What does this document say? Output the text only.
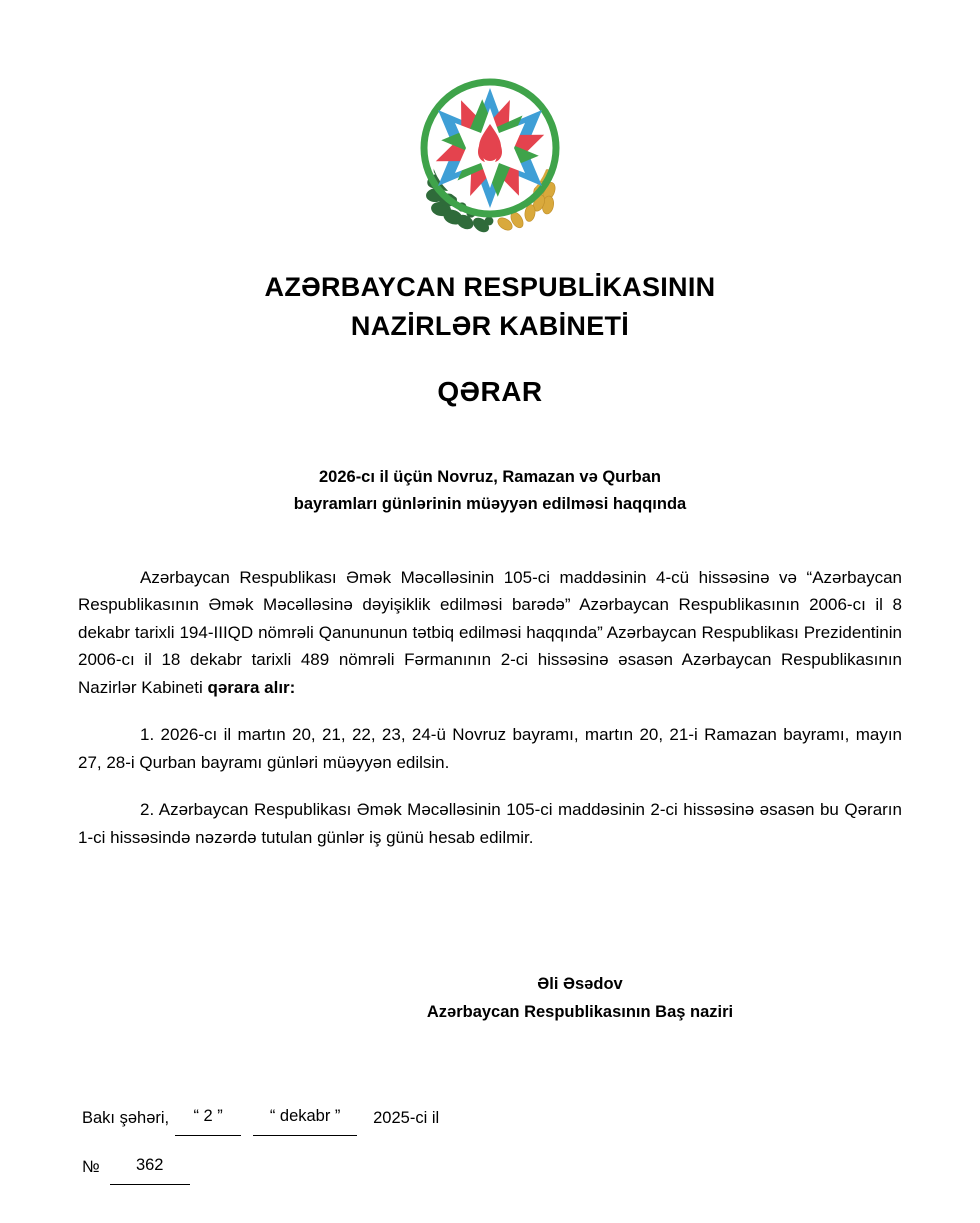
AZƏRBAYCAN RESPUBLİKASININ
NAZİRLƏR KABİNETİ
QƏRAR
2026-cı il üçün Novruz, Ramazan və Qurban
bayramları günlərinin müəyyən edilməsi haqqında

Azərbaycan Respublikası Əmək Məcəlləsinin 105-ci maddəsinin 4-cü hissəsinə və “Azərbaycan Respublikasının Əmək Məcəlləsinə dəyişiklik edilməsi barədə” Azərbaycan Respublikasının 2006-cı il 8 dekabr tarixli 194-IIIQD nömrəli Qanununun tətbiq edilməsi haqqında” Azərbaycan Respublikası Prezidentinin 2006-cı il 18 dekabr tarixli 489 nömrəli Fərmanının 2-ci hissəsinə əsasən Azərbaycan Respublikasının Nazirlər Kabineti qərara alır:

1. 2026-cı il martın 20, 21, 22, 23, 24-ü Novruz bayramı, martın 20, 21-i Ramazan bayramı, mayın 27, 28-i Qurban bayramı günləri müəyyən edilsin.

2. Azərbaycan Respublikası Əmək Məcəlləsinin 105-ci maddəsinin 2-ci hissəsinə əsasən bu Qərarın 1-ci hissəsində nəzərdə tutulan günlər iş günü hesab edilmir.

Əli Əsədov
Azərbaycan Respublikasının Baş naziri
Bakı şəhəri,	“ 2 ”	“ dekabr ”	2025-ci il
№	362
